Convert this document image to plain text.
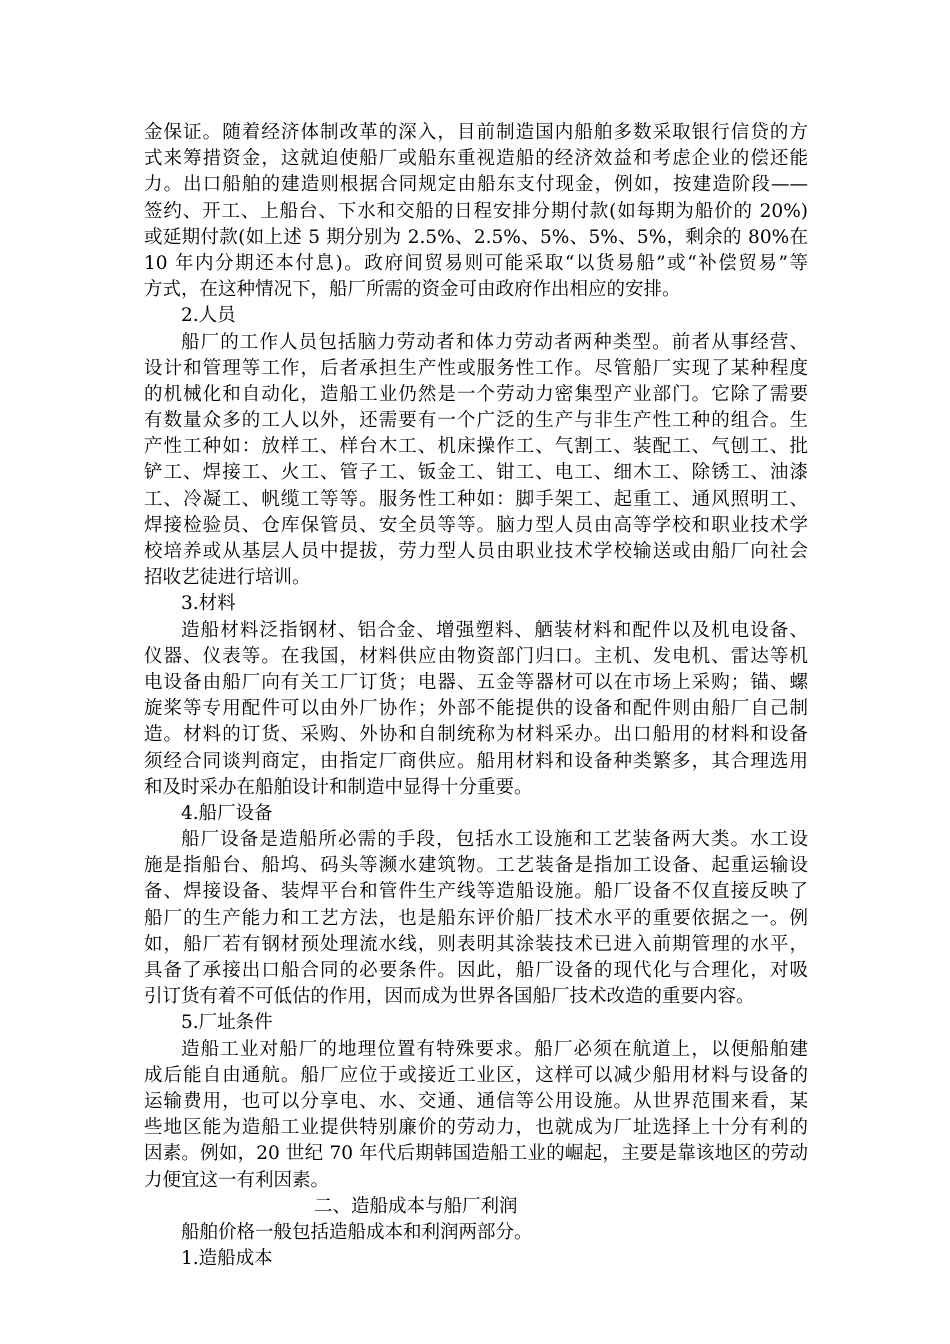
金保证。随着经济体制改革的深入，目前制造国内船舶多数采取银行信贷的方
式来筹措资金，这就迫使船厂或船东重视造船的经济效益和考虑企业的偿还能
力。出口船舶的建造则根据合同规定由船东支付现金，例如，按建造阶段——
签约、开工、上船台、下水和交船的日程安排分期付款(如每期为船价的 20%)
或延期付款(如上述 5 期分别为 2.5%、2.5%、5%、5%、5%，剩余的 80%在
10 年内分期还本付息)。政府间贸易则可能采取“以货易船”或“补偿贸易”等
方式，在这种情况下，船厂所需的资金可由政府作出相应的安排。
2.人员
船厂的工作人员包括脑力劳动者和体力劳动者两种类型。前者从事经营、
设计和管理等工作，后者承担生产性或服务性工作。尽管船厂实现了某种程度
的机械化和自动化，造船工业仍然是一个劳动力密集型产业部门。它除了需要
有数量众多的工人以外，还需要有一个广泛的生产与非生产性工种的组合。生
产性工种如：放样工、样台木工、机床操作工、气割工、装配工、气刨工、批
铲工、焊接工、火工、管子工、钣金工、钳工、电工、细木工、除锈工、油漆
工、冷凝工、帆缆工等等。服务性工种如：脚手架工、起重工、通风照明工、
焊接检验员、仓库保管员、安全员等等。脑力型人员由高等学校和职业技术学
校培养或从基层人员中提拔，劳力型人员由职业技术学校输送或由船厂向社会
招收艺徒进行培训。
3.材料
造船材料泛指钢材、铝合金、增强塑料、舾装材料和配件以及机电设备、
仪器、仪表等。在我国，材料供应由物资部门归口。主机、发电机、雷达等机
电设备由船厂向有关工厂订货；电器、五金等器材可以在市场上采购；锚、螺
旋桨等专用配件可以由外厂协作；外部不能提供的设备和配件则由船厂自己制
造。材料的订货、采购、外协和自制统称为材料采办。出口船用的材料和设备
须经合同谈判商定，由指定厂商供应。船用材料和设备种类繁多，其合理选用
和及时采办在船舶设计和制造中显得十分重要。
4.船厂设备
船厂设备是造船所必需的手段，包括水工设施和工艺装备两大类。水工设
施是指船台、船坞、码头等濒水建筑物。工艺装备是指加工设备、起重运输设
备、焊接设备、装焊平台和管件生产线等造船设施。船厂设备不仅直接反映了
船厂的生产能力和工艺方法，也是船东评价船厂技术水平的重要依据之一。例
如，船厂若有钢材预处理流水线，则表明其涂装技术已进入前期管理的水平，
具备了承接出口船合同的必要条件。因此，船厂设备的现代化与合理化，对吸
引订货有着不可低估的作用，因而成为世界各国船厂技术改造的重要内容。
5.厂址条件
造船工业对船厂的地理位置有特殊要求。船厂必须在航道上，以便船舶建
成后能自由通航。船厂应位于或接近工业区，这样可以减少船用材料与设备的
运输费用，也可以分享电、水、交通、通信等公用设施。从世界范围来看，某
些地区能为造船工业提供特别廉价的劳动力，也就成为厂址选择上十分有利的
因素。例如，20 世纪 70 年代后期韩国造船工业的崛起，主要是靠该地区的劳动
力便宜这一有利因素。
二、造船成本与船厂利润
船舶价格一般包括造船成本和利润两部分。
1.造船成本
